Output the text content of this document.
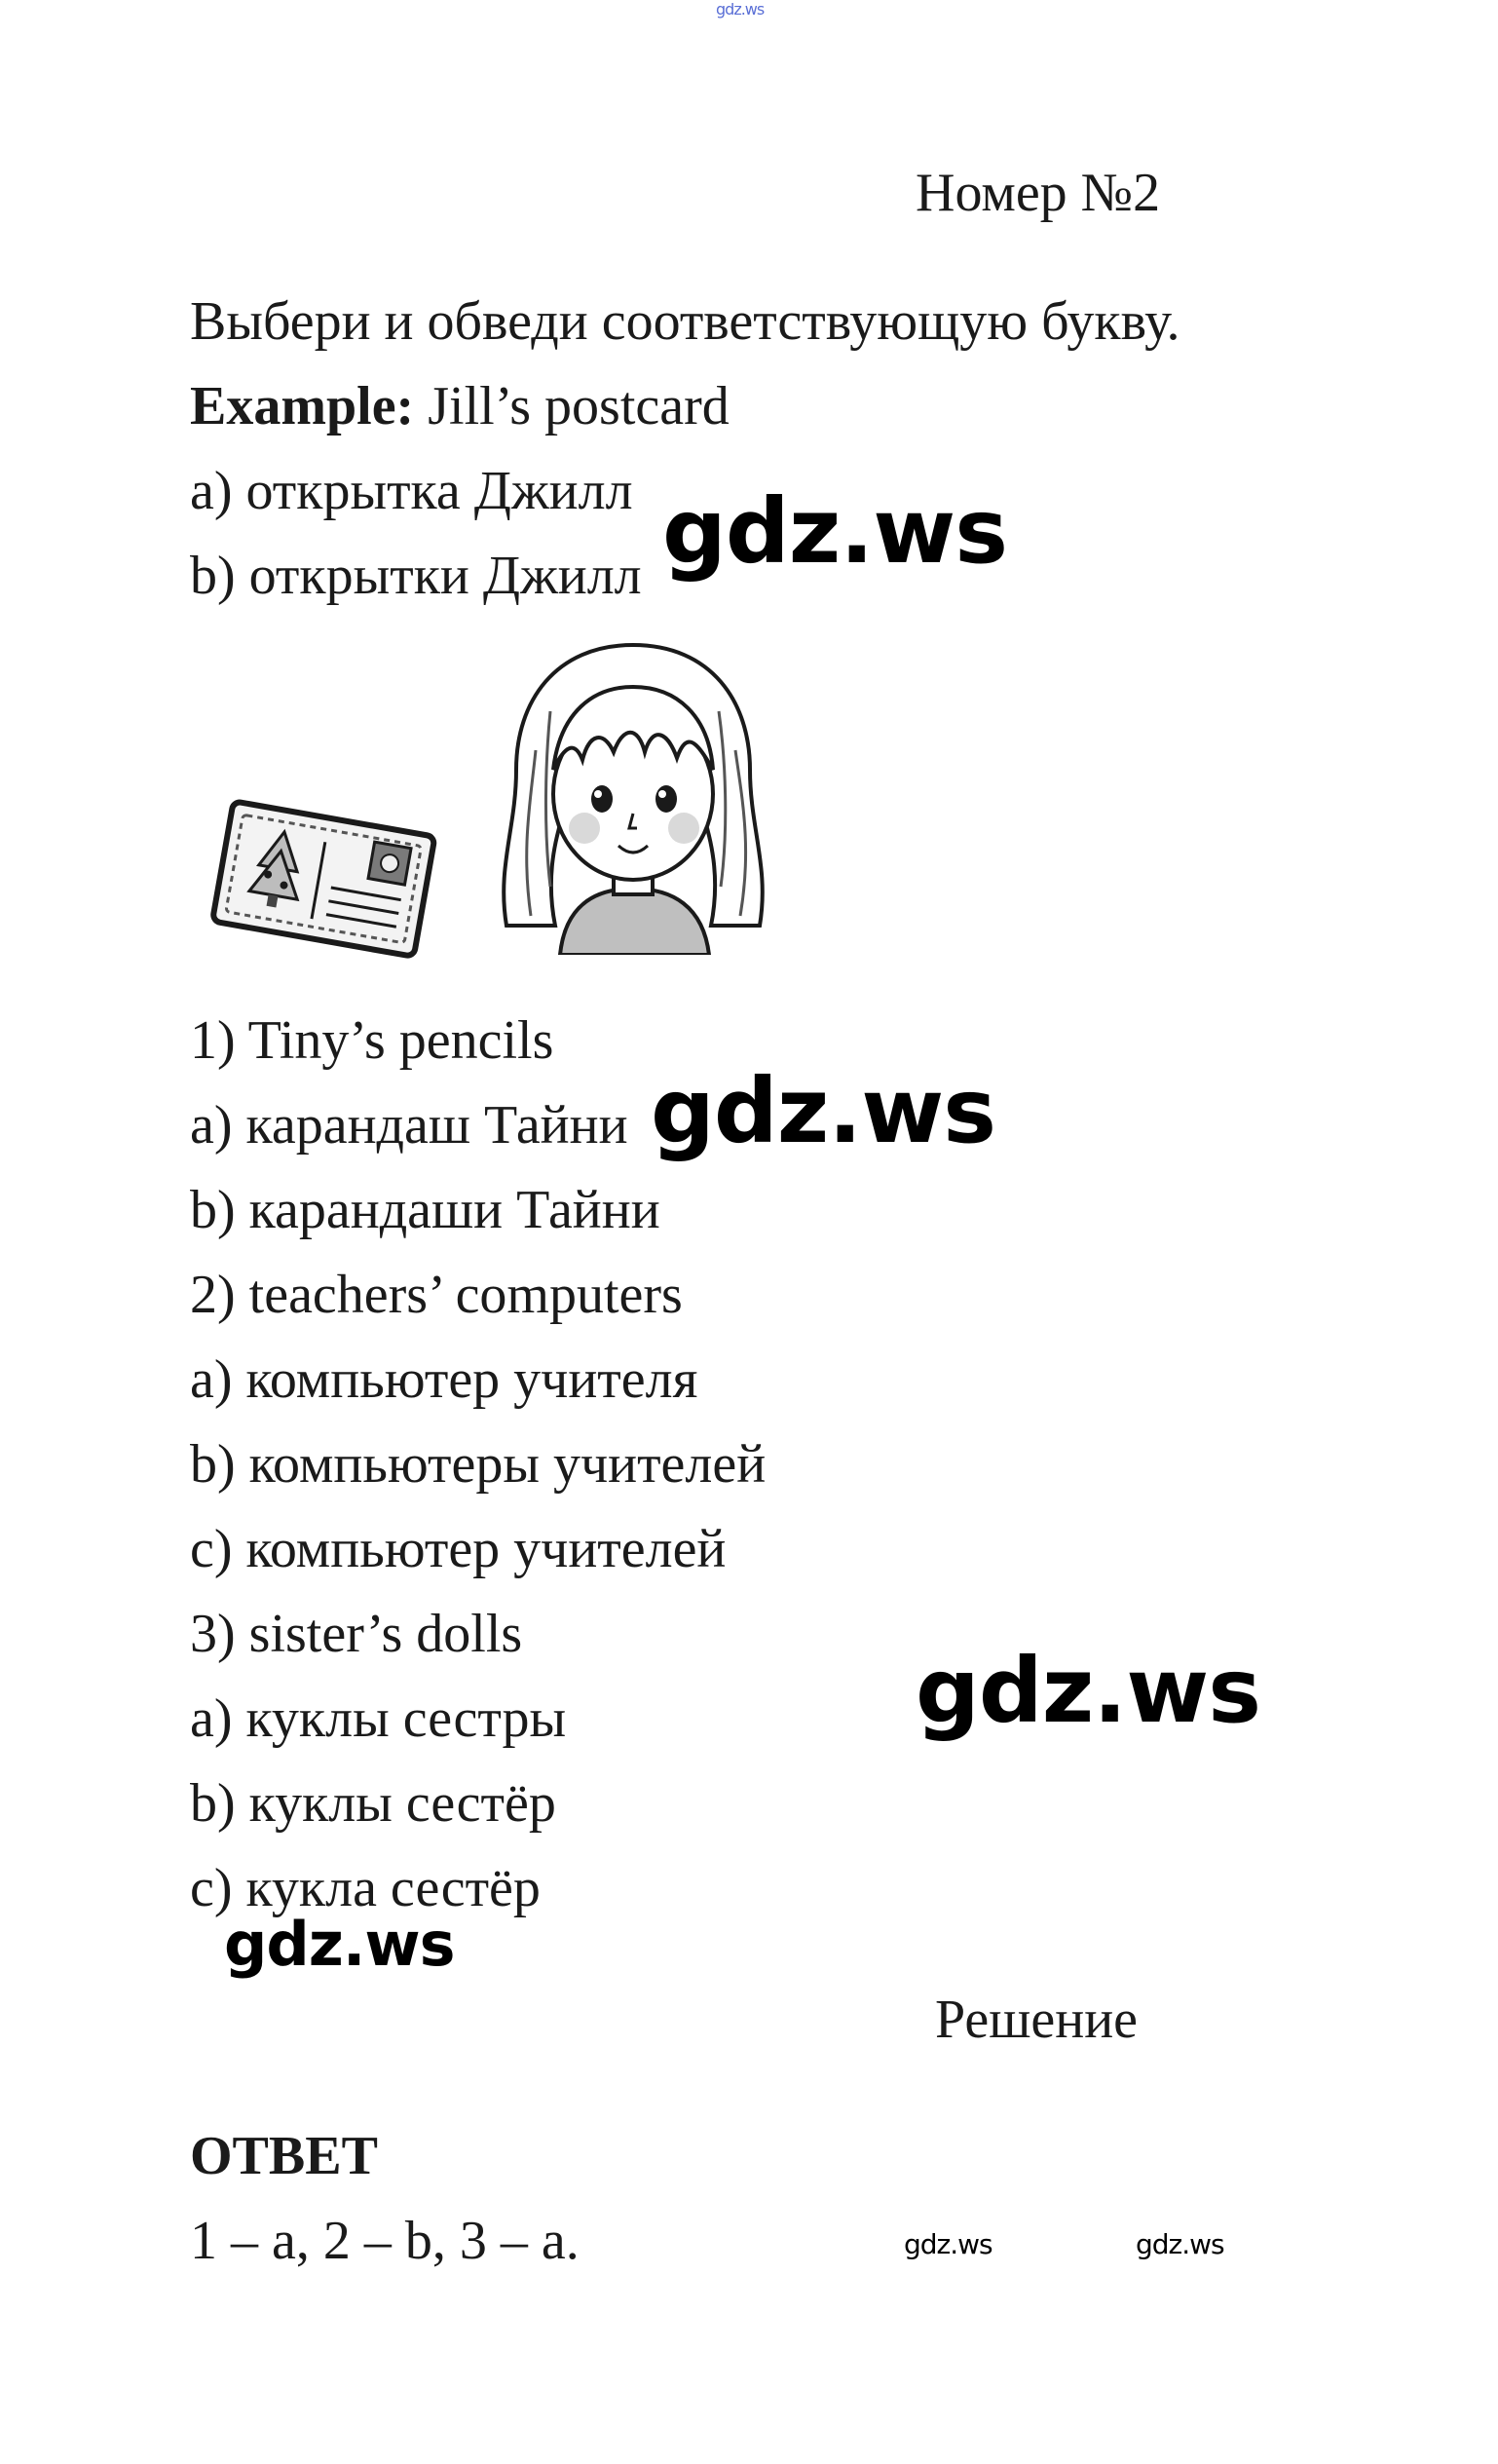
gdz.ws
Номер №2
Выбери и обведи соответствующую букву.
Example: Jill’s postcard
a) открытка Джилл
b) открытки Джилл gdz.ws
1) Tiny’s pencils
a) карандаш Тайни
b) карандаши Тайни
gdz.ws
2) teachers’ computers
a) компьютер учителя
b) компьютеры учителей
c) компьютер учителей
3) sister’s dolls
a) куклы сестры
b) куклы сестёр
c) кукла сестёр
gdz.ws
gdz.ws
Решение
ОТВЕТ
1 – a, 2 – b, 3 – a.	gdz.ws	gdz.ws
